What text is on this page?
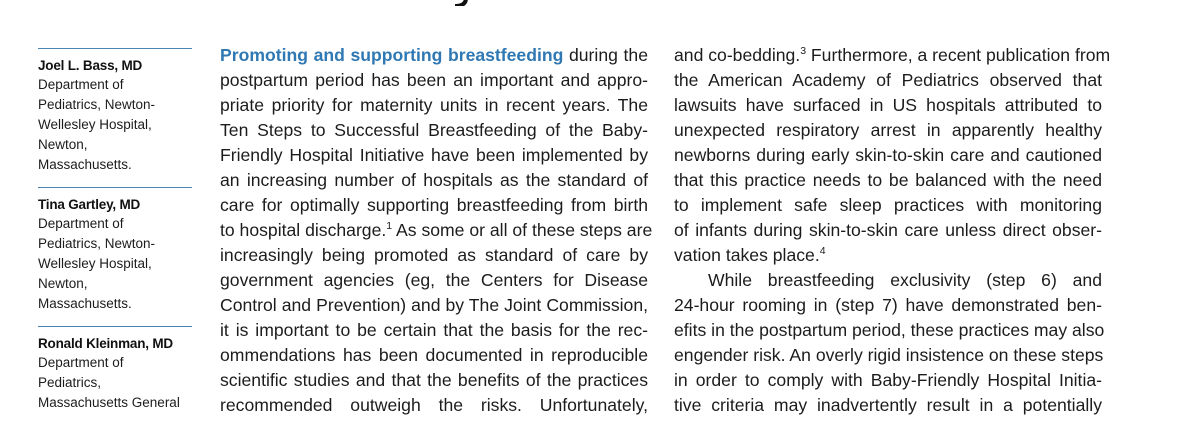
Joel L. Bass, MD
Department of
Pediatrics, Newton-
Wellesley Hospital,
Newton,
Massachusetts.
Tina Gartley, MD
Department of
Pediatrics, Newton-
Wellesley Hospital,
Newton,
Massachusetts.
Ronald Kleinman, MD
Department of
Pediatrics,
Massachusetts General
Promoting and supporting breastfeeding during the
postpartum period has been an important and appro-
priate priority for maternity units in recent years. The
Ten Steps to Successful Breastfeeding of the Baby-
Friendly Hospital Initiative have been implemented by
an increasing number of hospitals as the standard of
care for optimally supporting breastfeeding from birth
to hospital discharge.$^1$ As some or all of these steps are
increasingly being promoted as standard of care by
government agencies (eg, the Centers for Disease
Control and Prevention) and by The Joint Commission,
it is important to be certain that the basis for the rec-
ommendations has been documented in reproducible
scientific studies and that the benefits of the practices
recommended outweigh the risks. Unfortunately,
and co-bedding.$^3$ Furthermore, a recent publication from
the American Academy of Pediatrics observed that
lawsuits have surfaced in US hospitals attributed to
unexpected respiratory arrest in apparently healthy
newborns during early skin-to-skin care and cautioned
that this practice needs to be balanced with the need
to implement safe sleep practices with monitoring
of infants during skin-to-skin care unless direct obser-
vation takes place.$^4$
While breastfeeding exclusivity (step 6) and
24-hour rooming in (step 7) have demonstrated ben-
efits in the postpartum period, these practices may also
engender risk. An overly rigid insistence on these steps
in order to comply with Baby-Friendly Hospital Initia-
tive criteria may inadvertently result in a potentially
